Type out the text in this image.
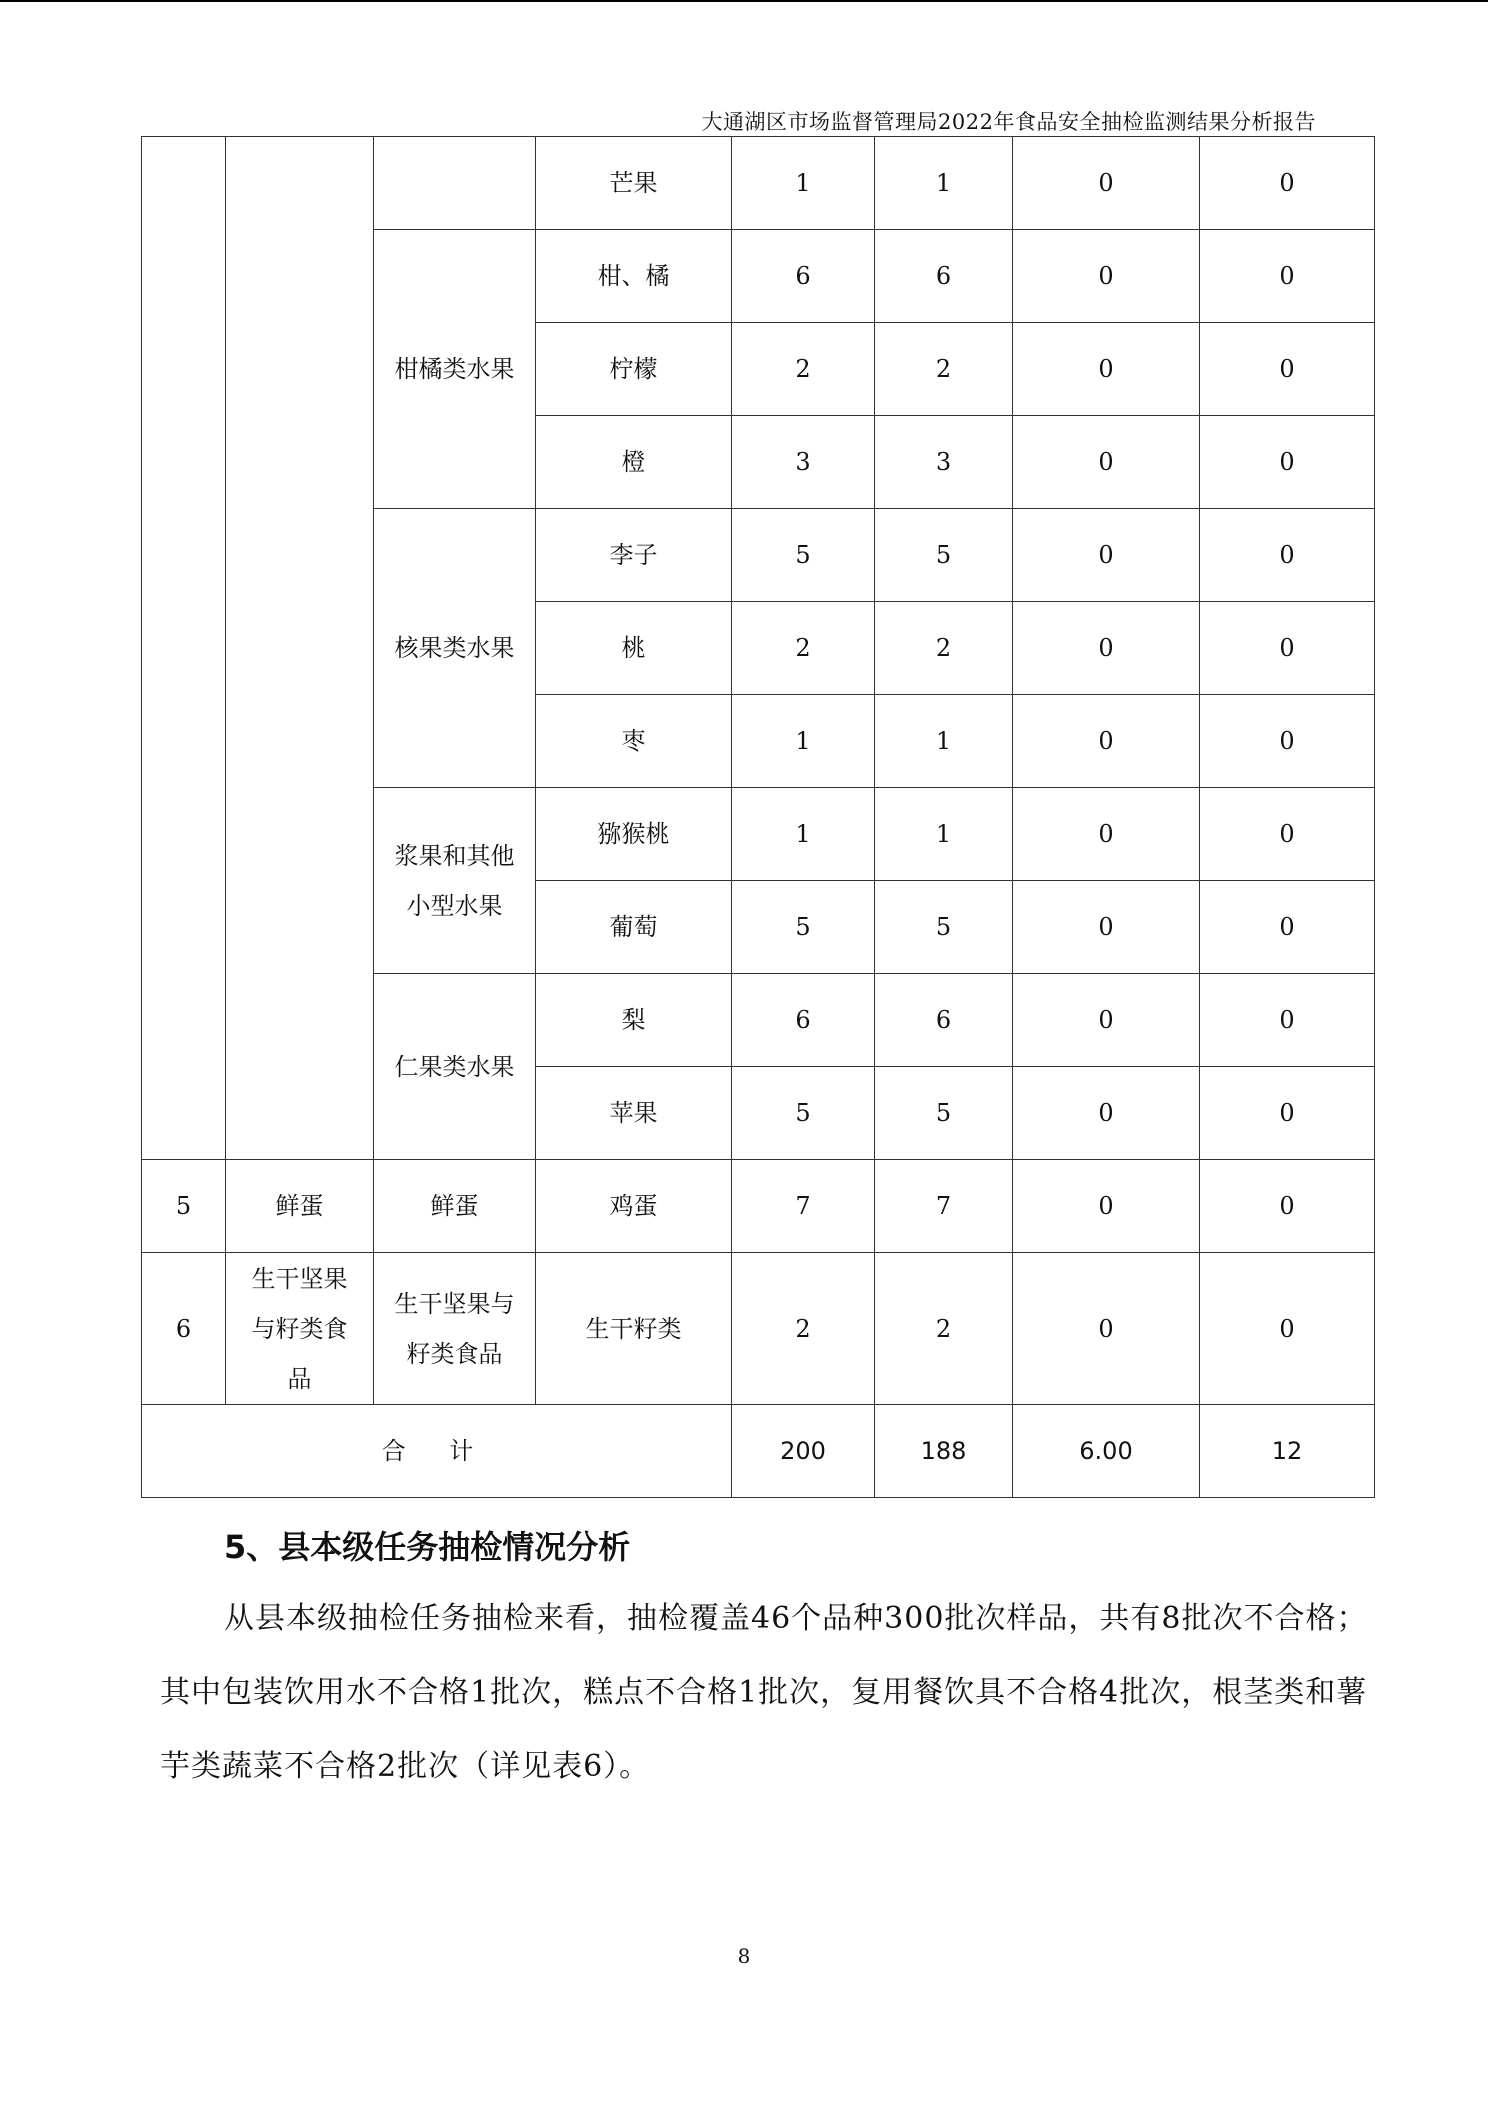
大通湖区市场监督管理局2022年食品安全抽检监测结果分析报告
			芒果	1	1	0	0
		柑橘类水果	柑、橘	6	6	0	0
			柠檬	2	2	0	0
			橙	3	3	0	0
		核果类水果	李子	5	5	0	0
			桃	2	2	0	0
			枣	1	1	0	0
		浆果和其他小型水果	猕猴桃	1	1	0	0
			葡萄	5	5	0	0
		仁果类水果	梨	6	6	0	0
			苹果	5	5	0	0
5	鲜蛋	鲜蛋	鸡蛋	7	7	0	0
6	生干坚果与籽类食品	生干坚果与籽类食品	生干籽类	2	2	0	0
合 计				200	188	6.00	12
5、县本级任务抽检情况分析
从县本级抽检任务抽检来看，抽检覆盖46个品种300批次样品，共有8批次不合格；其中包装饮用水不合格1批次，糕点不合格1批次，复用餐饮具不合格4批次，根茎类和薯芋类蔬菜不合格2批次（详见表6）。
8
